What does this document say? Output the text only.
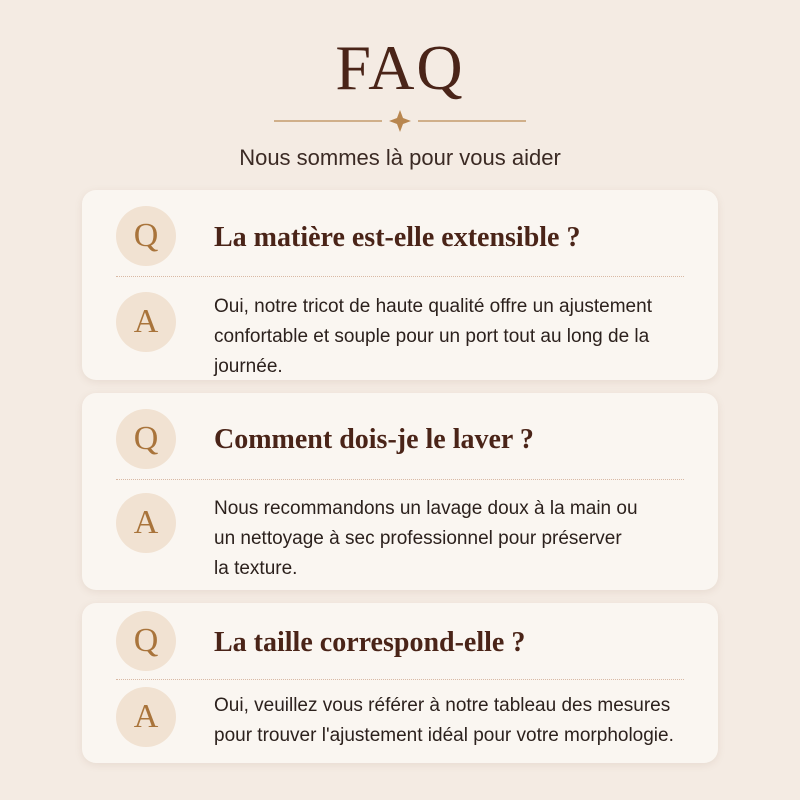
FAQ
Nous sommes là pour vous aider
Q	La matière est-elle extensible ?
A	Oui, notre tricot de haute qualité offre un ajustement
confortable et souple pour un port tout au long de la
journée.
Q	Comment dois-je le laver ?
A	Nous recommandons un lavage doux à la main ou
un nettoyage à sec professionnel pour préserver
la texture.
Q	La taille correspond-elle ?
A	Oui, veuillez vous référer à notre tableau des mesures
pour trouver l'ajustement idéal pour votre morphologie.
